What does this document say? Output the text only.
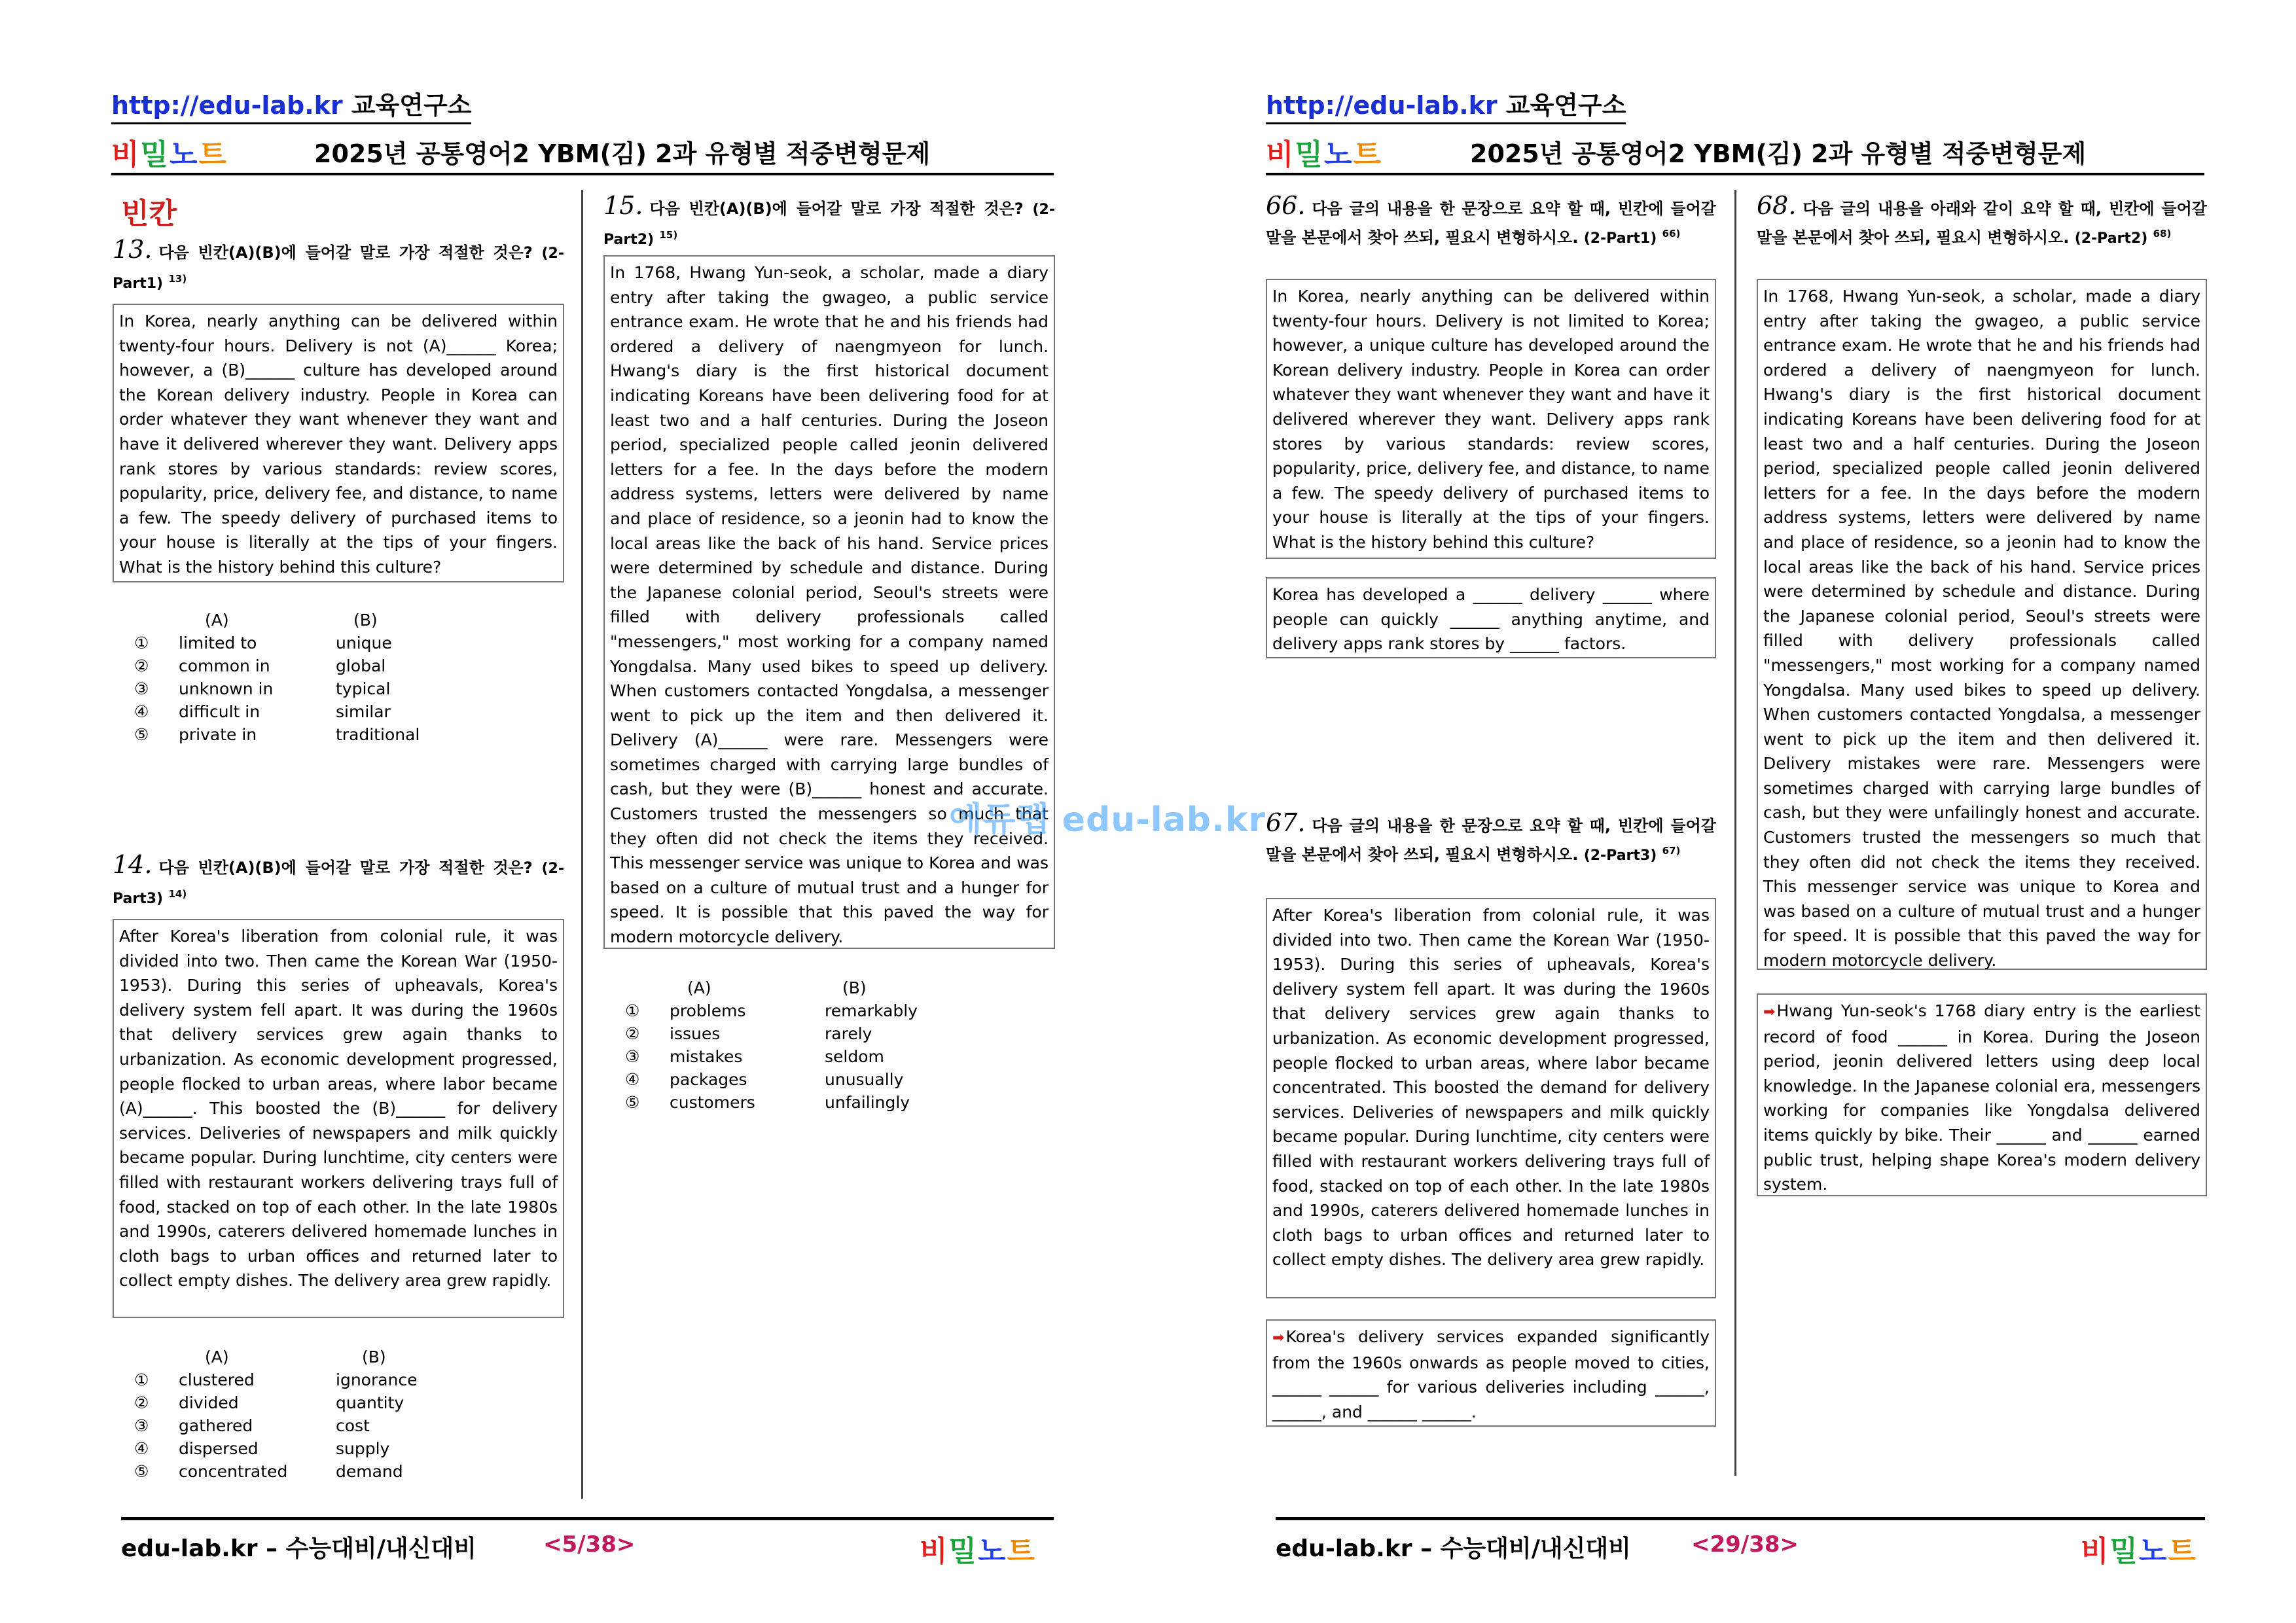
http://edu-lab.kr 교육연구소
비밀노트	2025년 공통영어2 YBM(김) 2과 유형별 적중변형문제
빈칸
13. 다음 빈칸(A)(B)에 들어갈 말로 가장 적절한 것은? (2-Part1) $^{13)}$
In Korea, nearly anything can be delivered within twenty-four hours. Delivery is not (A)______ Korea; however, a (B)______ culture has developed around the Korean delivery industry. People in Korea can order whatever they want whenever they want and have it delivered wherever they want. Delivery apps rank stores by various standards: review scores, popularity, price, delivery fee, and distance, to name a few. The speedy delivery of purchased items to your house is literally at the tips of your fingers. What is the history behind this culture?
(A)	(B)
① limited to	unique
② common in	global
③ unknown in	typical
④ difficult in	similar
⑤ private in	traditional
14. 다음 빈칸(A)(B)에 들어갈 말로 가장 적절한 것은? (2-Part3) $^{14)}$
After Korea's liberation from colonial rule, it was divided into two. Then came the Korean War (1950- 1953). During this series of upheavals, Korea's delivery system fell apart. It was during the 1960s that delivery services grew again thanks to urbanization. As economic development progressed, people flocked to urban areas, where labor became (A)______. This boosted the (B)______ for delivery services. Deliveries of newspapers and milk quickly became popular. During lunchtime, city centers were filled with restaurant workers delivering trays full of food, stacked on top of each other. In the late 1980s and 1990s, caterers delivered homemade lunches in cloth bags to urban offices and returned later to collect empty dishes. The delivery area grew rapidly.
(A)	(B)
① clustered	ignorance
② divided	quantity
③ gathered	cost
④ dispersed	supply
⑤ concentrated	demand
15. 다음 빈칸(A)(B)에 들어갈 말로 가장 적절한 것은? (2-Part2) $^{15)}$
In 1768, Hwang Yun-seok, a scholar, made a diary entry after taking the gwageo, a public service entrance exam. He wrote that he and his friends had ordered a delivery of naengmyeon for lunch. Hwang's diary is the first historical document indicating Koreans have been delivering food for at least two and a half centuries. During the Joseon period, specialized people called jeonin delivered letters for a fee. In the days before the modern address systems, letters were delivered by name and place of residence, so a jeonin had to know the local areas like the back of his hand. Service prices were determined by schedule and distance. During the Japanese colonial period, Seoul's streets were filled with delivery professionals called "messengers," most working for a company named Yongdalsa. Many used bikes to speed up delivery. When customers contacted Yongdalsa, a messenger went to pick up the item and then delivered it. Delivery (A)______ were rare. Messengers were sometimes charged with carrying large bundles of cash, but they were (B)______ honest and accurate. Customers trusted the messengers so much that they often did not check the items they received. This messenger service was unique to Korea and was based on a culture of mutual trust and a hunger for speed. It is possible that this paved the way for modern motorcycle delivery.
(A)	(B)
① problems	remarkably
② issues	rarely
③ mistakes	seldom
④ packages	unusually
⑤ customers	unfailingly
edu-lab.kr – 수능대비/내신대비	<5/38>	비밀노트
http://edu-lab.kr 교육연구소
비밀노트	2025년 공통영어2 YBM(김) 2과 유형별 적중변형문제
66. 다음 글의 내용을 한 문장으로 요약 할 때, 빈칸에 들어갈 말을 본문에서 찾아 쓰되, 필요시 변형하시오. (2-Part1) $^{66)}$
In Korea, nearly anything can be delivered within twenty-four hours. Delivery is not limited to Korea; however, a unique culture has developed around the Korean delivery industry. People in Korea can order whatever they want whenever they want and have it delivered wherever they want. Delivery apps rank stores by various standards: review scores, popularity, price, delivery fee, and distance, to name a few. The speedy delivery of purchased items to your house is literally at the tips of your fingers. What is the history behind this culture?
Korea has developed a ______ delivery ______ where people can quickly ______ anything anytime, and delivery apps rank stores by ______ factors.
67. 다음 글의 내용을 한 문장으로 요약 할 때, 빈칸에 들어갈 말을 본문에서 찾아 쓰되, 필요시 변형하시오. (2-Part3) $^{67)}$
After Korea's liberation from colonial rule, it was divided into two. Then came the Korean War (1950- 1953). During this series of upheavals, Korea's delivery system fell apart. It was during the 1960s that delivery services grew again thanks to urbanization. As economic development progressed, people flocked to urban areas, where labor became concentrated. This boosted the demand for delivery services. Deliveries of newspapers and milk quickly became popular. During lunchtime, city centers were filled with restaurant workers delivering trays full of food, stacked on top of each other. In the late 1980s and 1990s, caterers delivered homemade lunches in cloth bags to urban offices and returned later to collect empty dishes. The delivery area grew rapidly.
➡Korea's delivery services expanded significantly from the 1960s onwards as people moved to cities, ______ ______ for various deliveries including ______, ______, and ______ ______.
68. 다음 글의 내용을 아래와 같이 요약 할 때, 빈칸에 들어갈 말을 본문에서 찾아 쓰되, 필요시 변형하시오. (2-Part2) $^{68)}$
In 1768, Hwang Yun-seok, a scholar, made a diary entry after taking the gwageo, a public service entrance exam. He wrote that he and his friends had ordered a delivery of naengmyeon for lunch. Hwang's diary is the first historical document indicating Koreans have been delivering food for at least two and a half centuries. During the Joseon period, specialized people called jeonin delivered letters for a fee. In the days before the modern address systems, letters were delivered by name and place of residence, so a jeonin had to know the local areas like the back of his hand. Service prices were determined by schedule and distance. During the Japanese colonial period, Seoul's streets were filled with delivery professionals called "messengers," most working for a company named Yongdalsa. Many used bikes to speed up delivery. When customers contacted Yongdalsa, a messenger went to pick up the item and then delivered it. Delivery mistakes were rare. Messengers were sometimes charged with carrying large bundles of cash, but they were unfailingly honest and accurate. Customers trusted the messengers so much that they often did not check the items they received. This messenger service was unique to Korea and was based on a culture of mutual trust and a hunger for speed. It is possible that this paved the way for modern motorcycle delivery.
➡Hwang Yun-seok's 1768 diary entry is the earliest record of food ______ in Korea. During the Joseon period, jeonin delivered letters using deep local knowledge. In the Japanese colonial era, messengers working for companies like Yongdalsa delivered items quickly by bike. Their ______ and ______ earned public trust, helping shape Korea's modern delivery system.
edu-lab.kr – 수능대비/내신대비	<29/38>	비밀노트
에듀랩 edu-lab.kr
